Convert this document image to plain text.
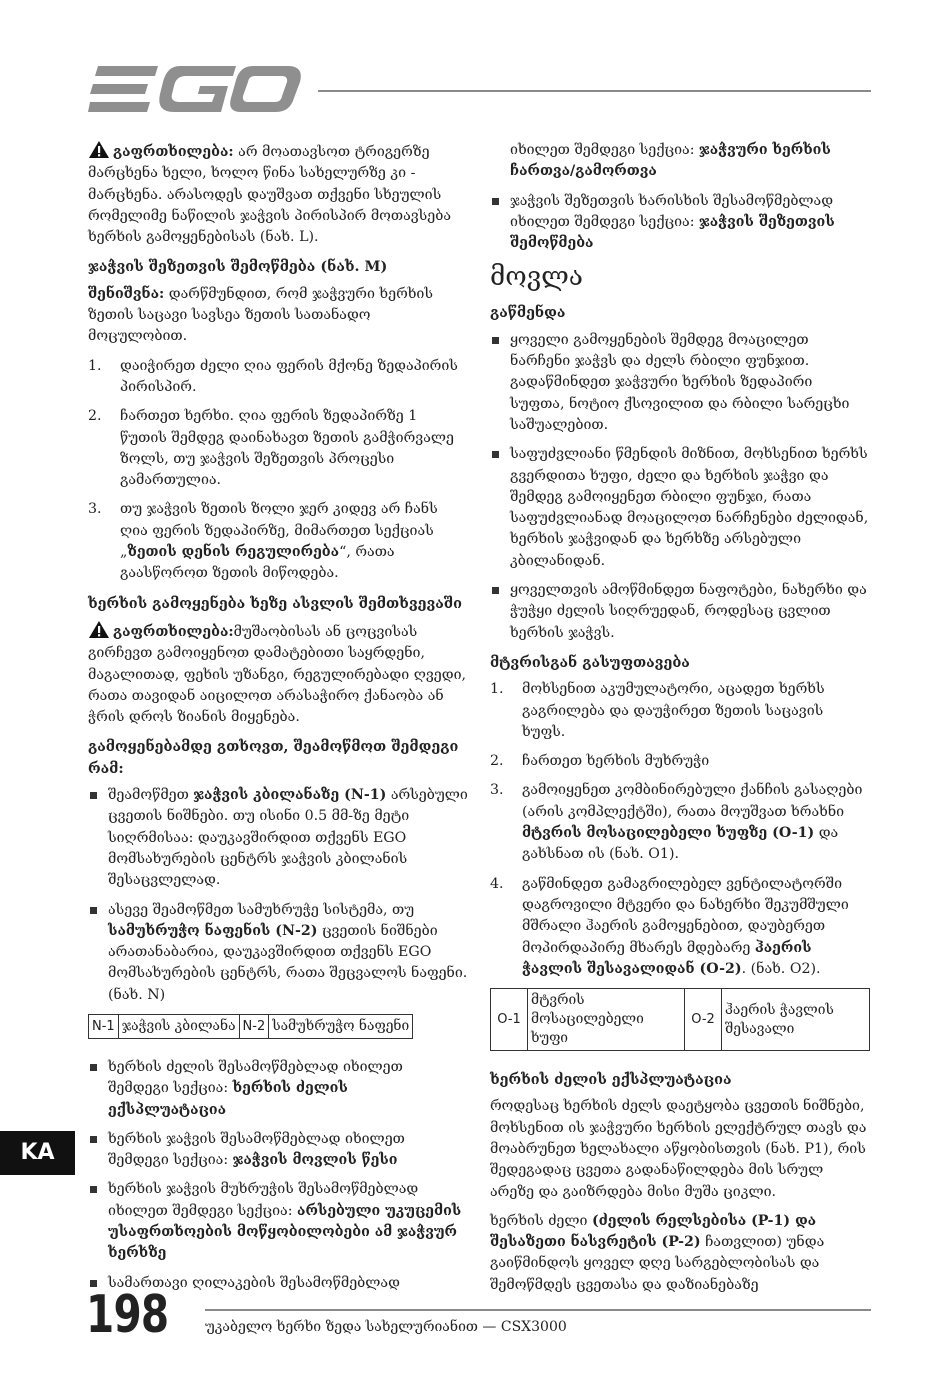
გაფრთხილება: არ მოათავსოთ ტრიგერზე მარცხენა ხელი, ხოლო წინა სახელურზე კი - მარცხენა. არასოდეს დაუშვათ თქვენი სხეულის რომელიმე ნაწილის ჯაჭვის პირისპირ მოთავსება ხერხის გამოყენებისას (ნახ. L).

ჯაჭვის შეზეთვის შემოწმება (ნახ. M)

შენიშვნა: დარწმუნდით, რომ ჯაჭვური ხერხის ზეთის საცავი სავსეა ზეთის სათანადო მოცულობით.

1. დაიჭირეთ ძელი ღია ფერის მქონე ზედაპირის პირისპირ.
2. ჩართეთ ხერხი. ღია ფერის ზედაპირზე 1 წუთის შემდეგ დაინახავთ ზეთის გამჭირვალე ზოლს, თუ ჯაჭვის შეზეთვის პროცესი გამართულია.
3. თუ ჯაჭვის ზეთის ზოლი ჯერ კიდევ არ ჩანს ღია ფერის ზედაპირზე, მიმართეთ სექციას „ზეთის დენის რეგულირება“, რათა გაასწოროთ ზეთის მიწოდება.
ხერხის გამოყენება ხეზე ასვლის შემთხვევაში

გაფრთხილება:მუშაობისას ან ცოცვისას გირჩევთ გამოიყენოთ დამატებითი საყრდენი, მაგალითად, ფეხის უზანგი, რეგულირებადი ღვედი, რათა თავიდან აიცილოთ არასაჭირო ქანაობა ან ჭრის დროს ზიანის მიყენება.

გამოყენებამდე გთხოვთ, შეამოწმოთ შემდეგი რამ:
შეამოწმეთ ჯაჭვის კბილანაზე (N-1) არსებული ცვეთის ნიშნები. თუ ისინი 0.5 მმ-ზე მეტი სიღრმისაა: დაუკავშირდით თქვენს EGO მომსახურების ცენტრს ჯაჭვის კბილანის შესაცვლელად.
ასევე შეამოწმეთ სამუხრუჭე სისტემა, თუ სამუხრუჭო ნაფენის (N-2) ცვეთის ნიშნები არათანაბარია, დაუკავშირდით თქვენს EGO მომსახურების ცენტრს, რათა შეცვალოს ნაფენი. (ნახ. N)
N-1	ჯაჭვის კბილანა	N-2	სამუხრუჭო ნაფენი
ხერხის ძელის შესამოწმებლად იხილეთ შემდეგი სექცია: ხერხის ძელის ექსპლუატაცია
ხერხის ჯაჭვის შესამოწმებლად იხილეთ შემდეგი სექცია: ჯაჭვის მოვლის წესი
ხერხის ჯაჭვის მუხრუჭის შესამოწმებლად იხილეთ შემდეგი სექცია: არსებული უკუცემის უსაფრთხოების მოწყობილობები ამ ჯაჭვურ ხერხზე
სამართავი ღილაკების შესამოწმებლად

იხილეთ შემდეგი სექცია: ჯაჭვური ხერხის ჩართვა/გამორთვა

ჯაჭვის შეზეთვის ხარისხის შესამოწმებლად იხილეთ შემდეგი სექცია: ჯაჭვის შეზეთვის შემოწმება
მოვლა
გაწმენდა
ყოველი გამოყენების შემდეგ მოაცილეთ ნარჩენი ჯაჭვს და ძელს რბილი ფუნჯით. გადაწმინდეთ ჯაჭვური ხერხის ზედაპირი სუფთა, ნოტიო ქსოვილით და რბილი სარეცხი საშუალებით.
საფუძვლიანი წმენდის მიზნით, მოხსენით ხერხს გვერდითა ხუფი, ძელი და ხერხის ჯაჭვი და შემდეგ გამოიყენეთ რბილი ფუნჯი, რათა საფუძვლიანად მოაცილოთ ნარჩენები ძელიდან, ხერხის ჯაჭვიდან და ხერხზე არსებული კბილანიდან.
ყოველთვის ამოწმინდეთ ნაფოტები, ნახერხი და ჭუჭყი ძელის სიღრუედან, როდესაც ცვლით ხერხის ჯაჭვს.
მტვრისგან გასუფთავება
1. მოხსენით აკუმულატორი, აცადეთ ხერხს გაგრილება და დაუჭირეთ ზეთის საცავის ხუფს.
2. ჩართეთ ხერხის მუხრუჭი
3. გამოიყენეთ კომბინირებული ქანჩის გასაღები (არის კომპლექტში), რათა მოუშვათ ხრახნი მტვრის მოსაცილებელი ხუფზე (O-1) და გახსნათ ის (ნახ. O1).
4. გაწმინდეთ გამაგრილებელ ვენტილატორში დაგროვილი მტვერი და ნახერხი შეკუმშული მშრალი ჰაერის გამოყენებით, დაუბერეთ მოპირდაპირე მხარეს მდებარე ჰაერის ჭავლის შესავალიდან (O-2). (ნახ. O2).
O-1	მტვრის მოსაცილებელი ხუფი	O-2	ჰაერის ჭავლის შესავალი
ხერხის ძელის ექსპლუატაცია

როდესაც ხერხის ძელს დაეტყობა ცვეთის ნიშნები, მოხსენით ის ჯაჭვური ხერხის ელექტრულ თავს და მოაბრუნეთ ხელახალი აწყობისთვის (ნახ. P1), რის შედეგადაც ცვეთა გადანაწილდება მის სრულ არეზე და გაიზრდება მისი მუშა ციკლი.

ხერხის ძელი (ძელის რელსებისა (P-1) და შესაზეთი ნასვრეტის (P-2) ჩათვლით) უნდა გაიწმინდოს ყოველ დღე სარგებლობისას და შემოწმდეს ცვეთასა და დაზიანებაზე

KA
198	უკაბელო ხერხი ზედა სახელურიანით — CSX3000
